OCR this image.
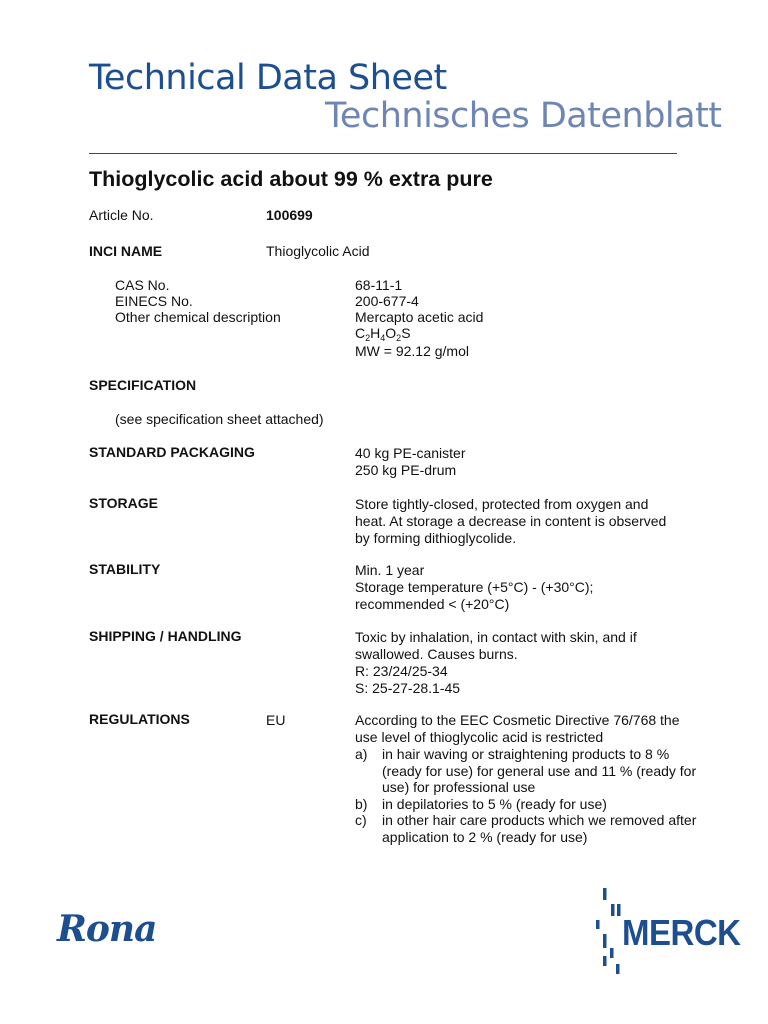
Technical Data Sheet
Technisches Datenblatt
Thioglycolic acid about 99 % extra pure
Article No.	100699
INCI NAME	Thioglycolic Acid
CAS No.	68-11-1
EINECS No.	200-677-4
Other chemical description	Mercapto acetic acid
$C_2H_4O_2S$
MW = 92.12 g/mol
SPECIFICATION
(see specification sheet attached)
STANDARD PACKAGING	40 kg PE-canister
250 kg PE-drum
STORAGE	Store tightly-closed, protected from oxygen and
heat. At storage a decrease in content is observed
by forming dithioglycolide.
STABILITY	Min. 1 year
Storage temperature (+5°C) - (+30°C);
recommended < (+20°C)
SHIPPING / HANDLING	Toxic by inhalation, in contact with skin, and if
swallowed. Causes burns.
R: 23/24/25-34
S: 25-27-28.1-45
REGULATIONS	EU	According to the EEC Cosmetic Directive 76/768 the
use level of thioglycolic acid is restricted
a)	in hair waving or straightening products to 8 % (ready for use) for general use and 11 % (ready for use) for professional use
b)	in depilatories to 5 % (ready for use)
c)	in other hair care products which we removed after application to 2 % (ready for use)
Rona	MERCK
